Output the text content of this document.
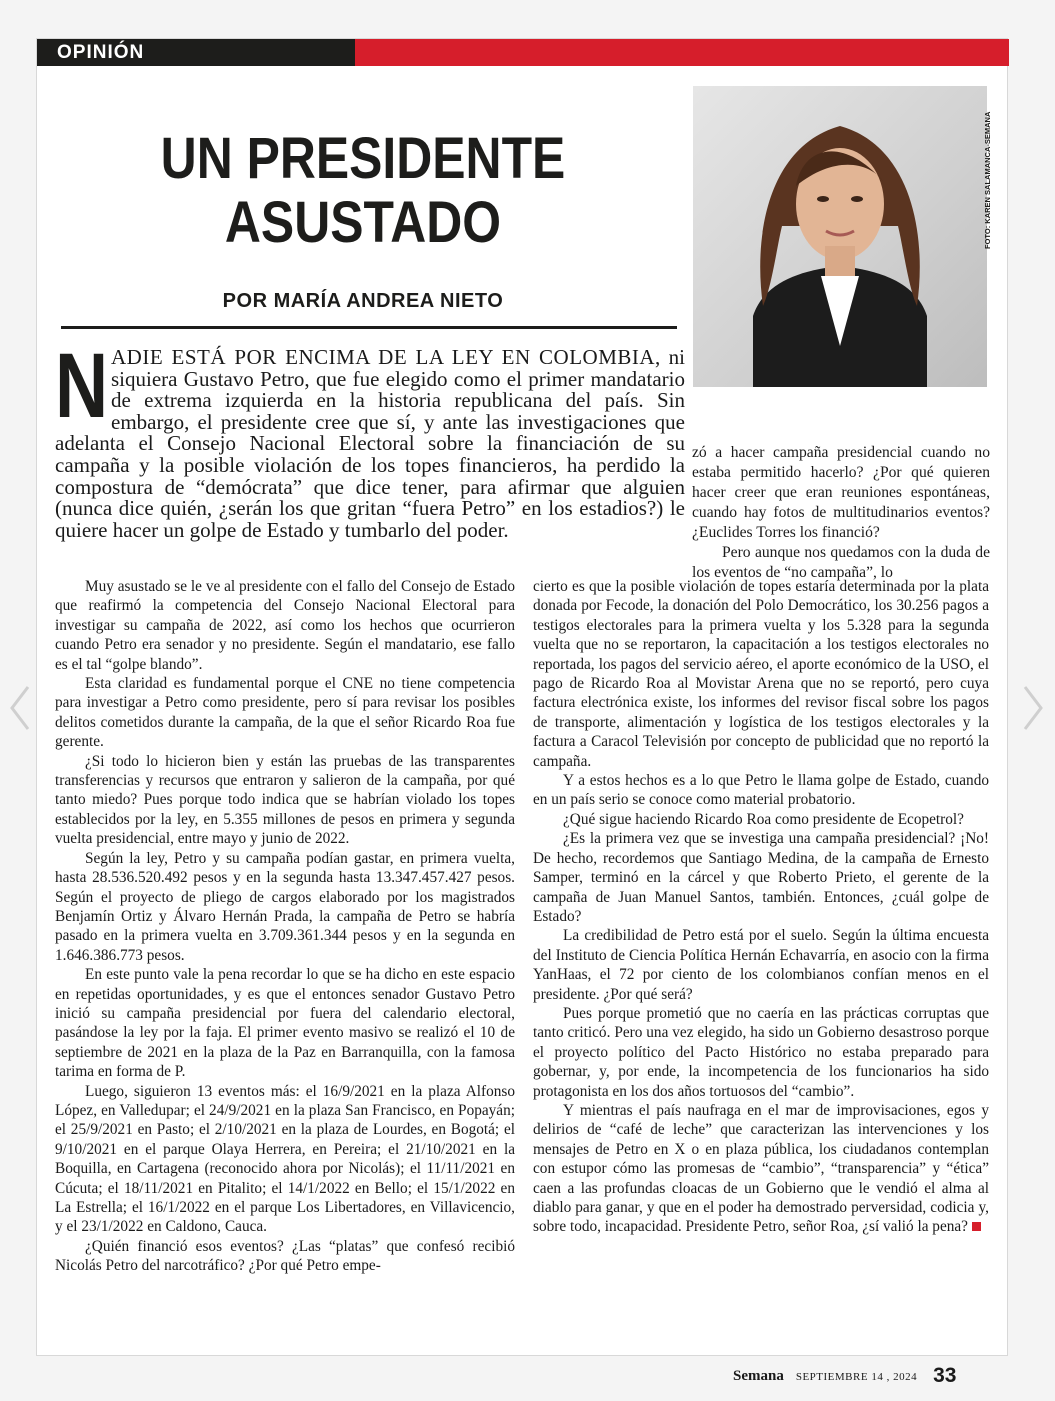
OPINIÓN
UN PRESIDENTE
ASUSTADO
POR MARÍA ANDREA NIETO
FOTO: KAREN SALAMANCA-SEMANA
N ADIE ESTÁ POR ENCIMA DE LA LEY EN COLOMBIA, ni siquiera Gustavo Petro, que fue elegido como el primer mandatario de extrema izquierda en la historia republicana del país. Sin embargo, el presidente cree que sí, y ante las investigaciones que adelanta el Consejo Nacional Electoral sobre la financiación de su campaña y la posible violación de los topes financieros, ha perdido la compostura de “demócrata” que dice tener, para afirmar que alguien (nunca dice quién, ¿serán los que gritan “fuera Petro” en los estadios?) le quiere hacer un golpe de Estado y tumbarlo del poder.

zó a hacer campaña presidencial cuando no estaba permitido hacerlo? ¿Por qué quieren hacer creer que eran reuniones espontáneas, cuando hay fotos de multitudinarios eventos? ¿Euclides Torres los financió?

Pero aunque nos quedamos con la duda de los eventos de “no campaña”, lo

Muy asustado se le ve al presidente con el fallo del Consejo de Estado que reafirmó la competencia del Consejo Nacional Electoral para investigar su campaña de 2022, así como los hechos que ocurrieron cuando Petro era senador y no presidente. Según el mandatario, ese fallo es el tal “golpe blando”.

Esta claridad es fundamental porque el CNE no tiene competencia para investigar a Petro como presidente, pero sí para revisar los posibles delitos cometidos durante la campaña, de la que el señor Ricardo Roa fue gerente.

¿Si todo lo hicieron bien y están las pruebas de las transparentes transferencias y recursos que entraron y salieron de la campaña, por qué tanto miedo? Pues porque todo indica que se habrían violado los topes establecidos por la ley, en 5.355 millones de pesos en primera y segunda vuelta presidencial, entre mayo y junio de 2022.

Según la ley, Petro y su campaña podían gastar, en primera vuelta, hasta 28.536.520.492 pesos y en la segunda hasta 13.347.457.427 pesos. Según el proyecto de pliego de cargos elaborado por los magistrados Benjamín Ortiz y Álvaro Hernán Prada, la campaña de Petro se habría pasado en la primera vuelta en 3.709.361.344 pesos y en la segunda en 1.646.386.773 pesos.

En este punto vale la pena recordar lo que se ha dicho en este espacio en repetidas oportunidades, y es que el entonces senador Gustavo Petro inició su campaña presidencial por fuera del calendario electoral, pasándose la ley por la faja. El primer evento masivo se realizó el 10 de septiembre de 2021 en la plaza de la Paz en Barranquilla, con la famosa tarima en forma de P.

Luego, siguieron 13 eventos más: el 16/9/2021 en la plaza Alfonso López, en Valledupar; el 24/9/2021 en la plaza San Francisco, en Popayán; el 25/9/2021 en Pasto; el 2/10/2021 en la plaza de Lourdes, en Bogotá; el 9/10/2021 en el parque Olaya Herrera, en Pereira; el 21/10/2021 en la Boquilla, en Cartagena (reconocido ahora por Nicolás); el 11/11/2021 en Cúcuta; el 18/11/2021 en Pitalito; el 14/1/2022 en Bello; el 15/1/2022 en La Estrella; el 16/1/2022 en el parque Los Libertadores, en Villavicencio, y el 23/1/2022 en Caldono, Cauca.

¿Quién financió esos eventos? ¿Las “platas” que confesó recibió Nicolás Petro del narcotráfico? ¿Por qué Petro empe-

cierto es que la posible violación de topes estaría determinada por la plata donada por Fecode, la donación del Polo Democrático, los 30.256 pagos a testigos electorales para la primera vuelta y los 5.328 para la segunda vuelta que no se reportaron, la capacitación a los testigos electorales no reportada, los pagos del servicio aéreo, el aporte económico de la USO, el pago de Ricardo Roa al Movistar Arena que no se reportó, pero cuya factura electrónica existe, los informes del revisor fiscal sobre los pagos de transporte, alimentación y logística de los testigos electorales y la factura a Caracol Televisión por concepto de publicidad que no reportó la campaña.

Y a estos hechos es a lo que Petro le llama golpe de Estado, cuando en un país serio se conoce como material probatorio.

¿Qué sigue haciendo Ricardo Roa como presidente de Ecopetrol?

¿Es la primera vez que se investiga una campaña presidencial? ¡No! De hecho, recordemos que Santiago Medina, de la campaña de Ernesto Samper, terminó en la cárcel y que Roberto Prieto, el gerente de la campaña de Juan Manuel Santos, también. Entonces, ¿cuál golpe de Estado?

La credibilidad de Petro está por el suelo. Según la última encuesta del Instituto de Ciencia Política Hernán Echavarría, en asocio con la firma YanHaas, el 72 por ciento de los colombianos confían menos en el presidente. ¿Por qué será?

Pues porque prometió que no caería en las prácticas corruptas que tanto criticó. Pero una vez elegido, ha sido un Gobierno desastroso porque el proyecto político del Pacto Histórico no estaba preparado para gobernar, y, por ende, la incompetencia de los funcionarios ha sido protagonista en los dos años tortuosos del “cambio”.

Y mientras el país naufraga en el mar de improvisaciones, egos y delirios de “café de leche” que caracterizan las intervenciones y los mensajes de Petro en X o en plaza pública, los ciudadanos contemplan con estupor cómo las promesas de “cambio”, “transparencia” y “ética” caen a las profundas cloacas de un Gobierno que le vendió el alma al diablo para ganar, y que en el poder ha demostrado perversidad, codicia y, sobre todo, incapacidad. Presidente Petro, señor Roa, ¿sí valió la pena?

Semana SEPTIEMBRE 14 , 2024 33
